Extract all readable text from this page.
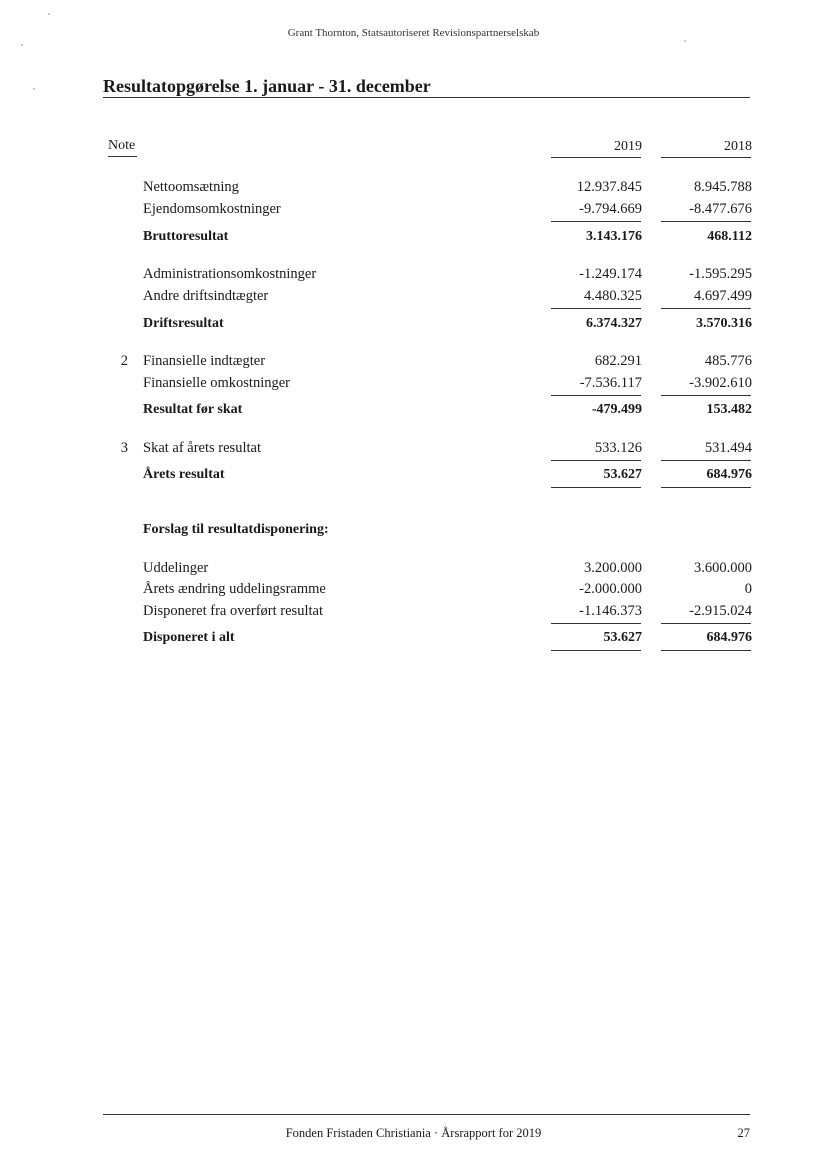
Grant Thornton, Statsautoriseret Revisionspartnerselskab
Resultatopgørelse 1. januar - 31. december
Note	2019	2018
Nettoomsætning	12.937.845	8.945.788
Ejendomsomkostninger	-9.794.669	-8.477.676
Bruttoresultat	3.143.176	468.112
Administrationsomkostninger	-1.249.174	-1.595.295
Andre driftsindtægter	4.480.325	4.697.499
Driftsresultat	6.374.327	3.570.316
2 Finansielle indtægter	682.291	485.776
Finansielle omkostninger	-7.536.117	-3.902.610
Resultat før skat	-479.499	153.482
3 Skat af årets resultat	533.126	531.494
Årets resultat	53.627	684.976
Forslag til resultatdisponering:
Uddelinger	3.200.000	3.600.000
Årets ændring uddelingsramme	-2.000.000	0
Disponeret fra overført resultat	-1.146.373	-2.915.024
Disponeret i alt	53.627	684.976
Fonden Fristaden Christiania · Årsrapport for 2019	27
